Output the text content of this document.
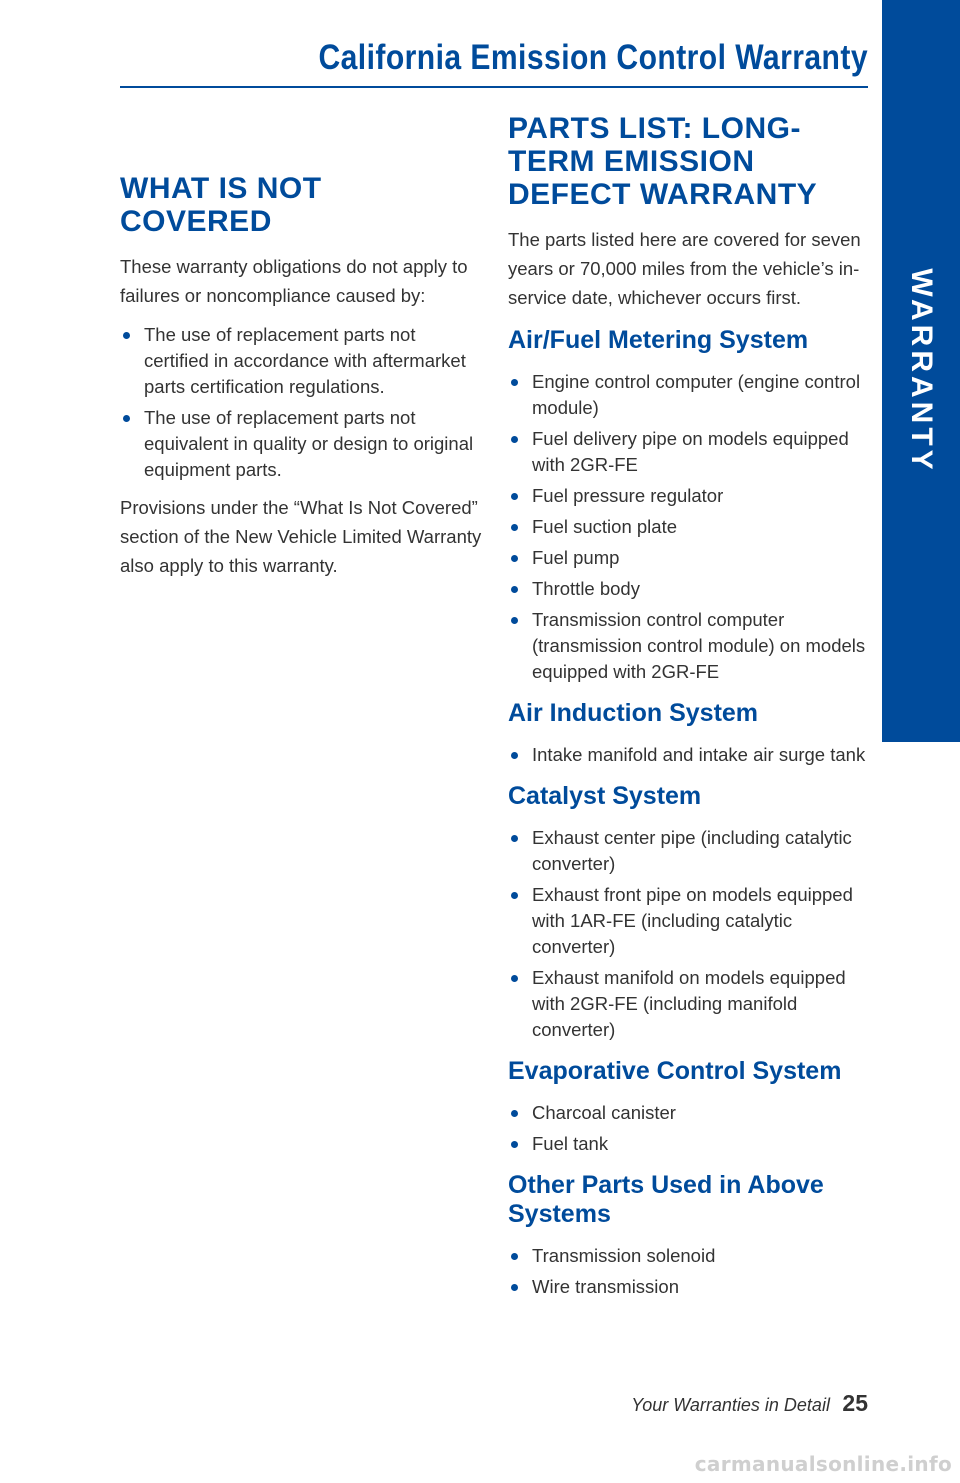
California Emission Control Warranty
WARRANTY
WHAT IS NOT COVERED

These warranty obligations do not apply to failures or noncompliance caused by:

The use of replacement parts not certified in accordance with aftermarket parts certification regulations.
The use of replacement parts not equivalent in quality or design to original equipment parts.

Provisions under the “What Is Not Covered” section of the New Vehicle Limited Warranty also apply to this warranty.

PARTS LIST: LONG-TERM EMISSION DEFECT WARRANTY

The parts listed here are covered for seven years or 70,000 miles from the vehicle’s in-service date, whichever occurs first.

Air/Fuel Metering System
Engine control computer (engine control module)
Fuel delivery pipe on models equipped with 2GR-FE
Fuel pressure regulator
Fuel suction plate
Fuel pump
Throttle body
Transmission control computer (transmission control module) on models equipped with 2GR-FE
Air Induction System
Intake manifold and intake air surge tank
Catalyst System
Exhaust center pipe (including catalytic converter)
Exhaust front pipe on models equipped with 1AR-FE (including catalytic converter)
Exhaust manifold on models equipped with 2GR-FE (including manifold converter)
Evaporative Control System
Charcoal canister
Fuel tank
Other Parts Used in Above Systems
Transmission solenoid
Wire transmission
Your Warranties in Detail 25
carmanualsonline.info
